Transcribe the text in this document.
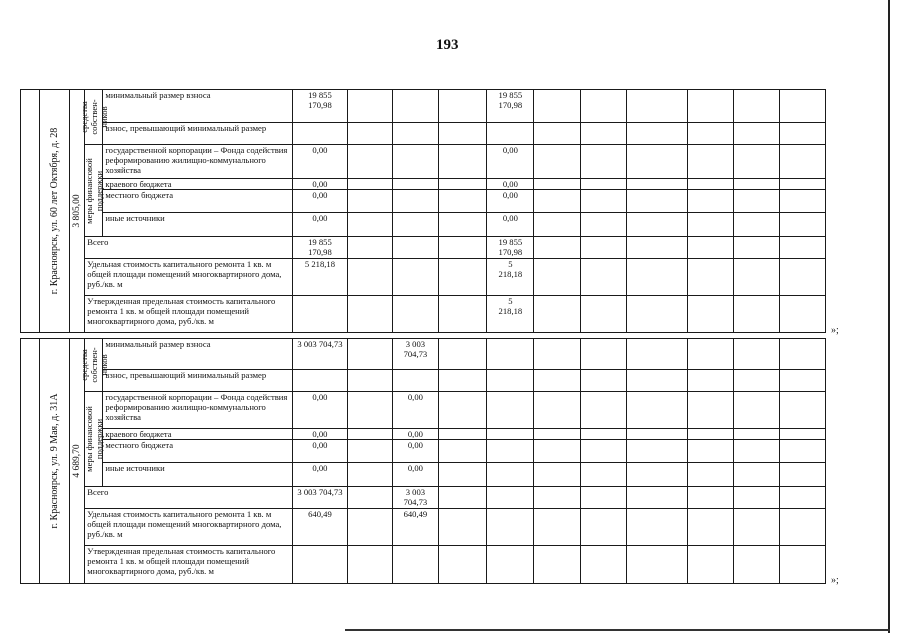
193

	г. Красноярск, ул. 60 лет Октября, д. 28	3 805,00	средства собствен-ников	минимальный размер взноса	19 855 170,98				19 855 170,98						
				взнос, превышающий минимальный размер											

			меры финансовой поддержки	государственной корпорации – Фонда содействия реформированию жилищно-коммунального хозяйства	0,00				0,00						
				краевого бюджета	0,00				0,00						
				местного бюджета	0,00				0,00						
				иные источники	0,00				0,00						
			Всего		19 855 170,98				19 855 170,98						
			Удельная стоимость капитального ремонта 1 кв. м общей площади помещений многоквартирного дома, руб./кв. м		5 218,18				5 218,18						
			Утвержденная предельная стоимость капитального ремонта 1 кв. м общей площади помещений многоквартирного дома, руб./кв. м						5 218,18						
»;

	г. Красноярск, ул. 9 Мая, д. 31А	4 689,70	средства собствен-ников	минимальный размер взноса	3 003 704,73		3 003 704,73								
				взнос, превышающий минимальный размер											

			меры финансовой поддержки	государственной корпорации – Фонда содействия реформированию жилищно-коммунального хозяйства	0,00		0,00								
				краевого бюджета	0,00		0,00								
				местного бюджета	0,00		0,00								
				иные источники	0,00		0,00								
			Всего		3 003 704,73		3 003 704,73								
			Удельная стоимость капитального ремонта 1 кв. м общей площади помещений многоквартирного дома, руб./кв. м		640,49		640,49								
			Утвержденная предельная стоимость капитального ремонта 1 кв. м общей площади помещений многоквартирного дома, руб./кв. м												
»;
